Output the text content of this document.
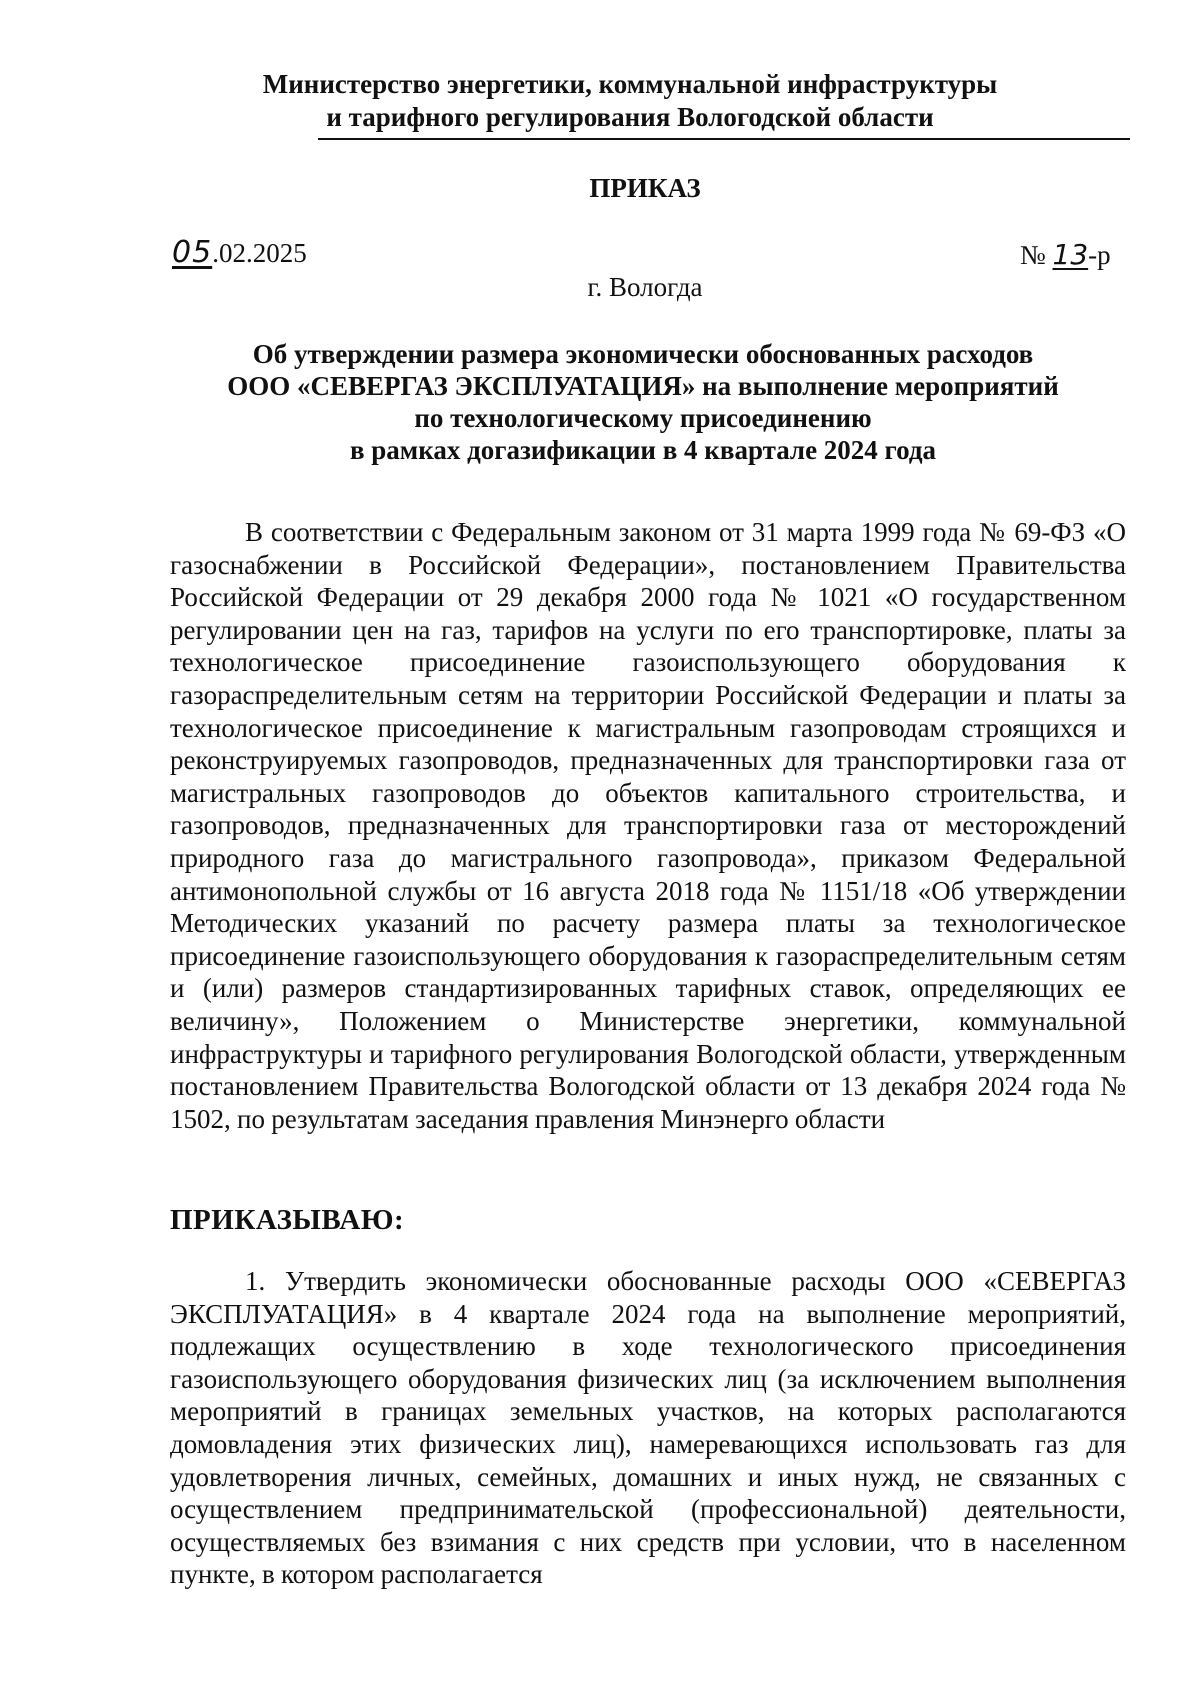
Министерство энергетики, коммунальной инфраструктуры
и тарифного регулирования Вологодской области
ПРИКАЗ
05.02.2025	№ 13-р
г. Вологда
Об утверждении размера экономически обоснованных расходов
ООО «СЕВЕРГАЗ ЭКСПЛУАТАЦИЯ» на выполнение мероприятий
по технологическому присоединению
в рамках догазификации в 4 квартале 2024 года
В соответствии с Федеральным законом от 31 марта 1999 года № 69-ФЗ «О газоснабжении в Российской Федерации», постановлением Правительства Российской Федерации от 29 декабря 2000 года № 1021 «О государственном регулировании цен на газ, тарифов на услуги по его транспортировке, платы за технологическое присоединение газоиспользующего оборудования к газораспределительным сетям на территории Российской Федерации и платы за технологическое присоединение к магистральным газопроводам строящихся и реконструируемых газопроводов, предназначенных для транспортировки газа от магистральных газопроводов до объектов капитального строительства, и газопроводов, предназначенных для транспортировки газа от месторождений природного газа до магистрального газопровода», приказом Федеральной антимонопольной службы от 16 августа 2018 года № 1151/18 «Об утверждении Методических указаний по расчету размера платы за технологическое присоединение газоиспользующего оборудования к газораспределительным сетям и (или) размеров стандартизированных тарифных ставок, определяющих ее величину», Положением о Министерстве энергетики, коммунальной инфраструктуры и тарифного регулирования Вологодской области, утвержденным постановлением Правительства Вологодской области от 13 декабря 2024 года № 1502, по результатам заседания правления Минэнерго области
ПРИКАЗЫВАЮ:
1. Утвердить экономически обоснованные расходы ООО «СЕВЕРГАЗ ЭКСПЛУАТАЦИЯ» в 4 квартале 2024 года на выполнение мероприятий, подлежащих осуществлению в ходе технологического присоединения газоиспользующего оборудования физических лиц (за исключением выполнения мероприятий в границах земельных участков, на которых располагаются домовладения этих физических лиц), намеревающихся использовать газ для удовлетворения личных, семейных, домашних и иных нужд, не связанных с осуществлением предпринимательской (профессиональной) деятельности, осуществляемых без взимания с них средств при условии, что в населенном пункте, в котором располагается
